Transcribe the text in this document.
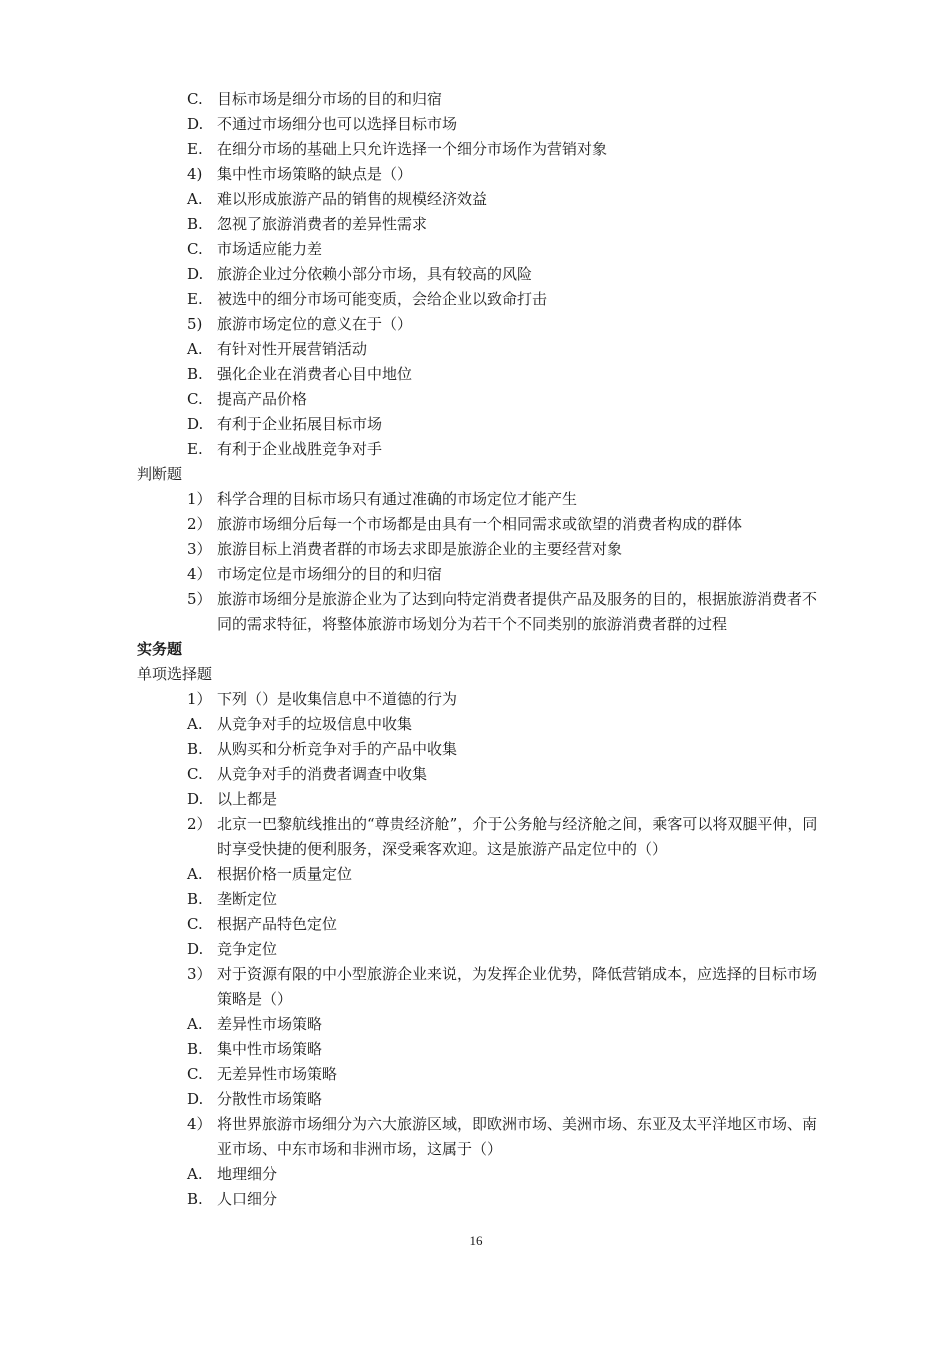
C. 目标市场是细分市场的目的和归宿
D. 不通过市场细分也可以选择目标市场
E. 在细分市场的基础上只允许选择一个细分市场作为营销对象
4) 集中性市场策略的缺点是（）
A. 难以形成旅游产品的销售的规模经济效益
B. 忽视了旅游消费者的差异性需求
C. 市场适应能力差
D. 旅游企业过分依赖小部分市场，具有较高的风险
E. 被选中的细分市场可能变质，会给企业以致命打击
5) 旅游市场定位的意义在于（）
A. 有针对性开展营销活动
B. 强化企业在消费者心目中地位
C. 提高产品价格
D. 有利于企业拓展目标市场
E. 有利于企业战胜竞争对手
判断题
1） 科学合理的目标市场只有通过准确的市场定位才能产生
2） 旅游市场细分后每一个市场都是由具有一个相同需求或欲望的消费者构成的群体
3） 旅游目标上消费者群的市场去求即是旅游企业的主要经营对象
4） 市场定位是市场细分的目的和归宿
5） 旅游市场细分是旅游企业为了达到向特定消费者提供产品及服务的目的，根据旅游消费者不同的需求特征，将整体旅游市场划分为若干个不同类别的旅游消费者群的过程
实务题
单项选择题
1） 下列（）是收集信息中不道德的行为
A. 从竞争对手的垃圾信息中收集
B. 从购买和分析竞争对手的产品中收集
C. 从竞争对手的消费者调查中收集
D. 以上都是
2） 北京一巴黎航线推出的“尊贵经济舱”，介于公务舱与经济舱之间，乘客可以将双腿平伸，同时享受快捷的便利服务，深受乘客欢迎。这是旅游产品定位中的（）
A. 根据价格一质量定位
B. 垄断定位
C. 根据产品特色定位
D. 竞争定位
3） 对于资源有限的中小型旅游企业来说，为发挥企业优势，降低营销成本，应选择的目标市场策略是（）
A. 差异性市场策略
B. 集中性市场策略
C. 无差异性市场策略
D. 分散性市场策略
4） 将世界旅游市场细分为六大旅游区域，即欧洲市场、美洲市场、东亚及太平洋地区市场、南亚市场、中东市场和非洲市场，这属于（）
A. 地理细分
B. 人口细分
16
